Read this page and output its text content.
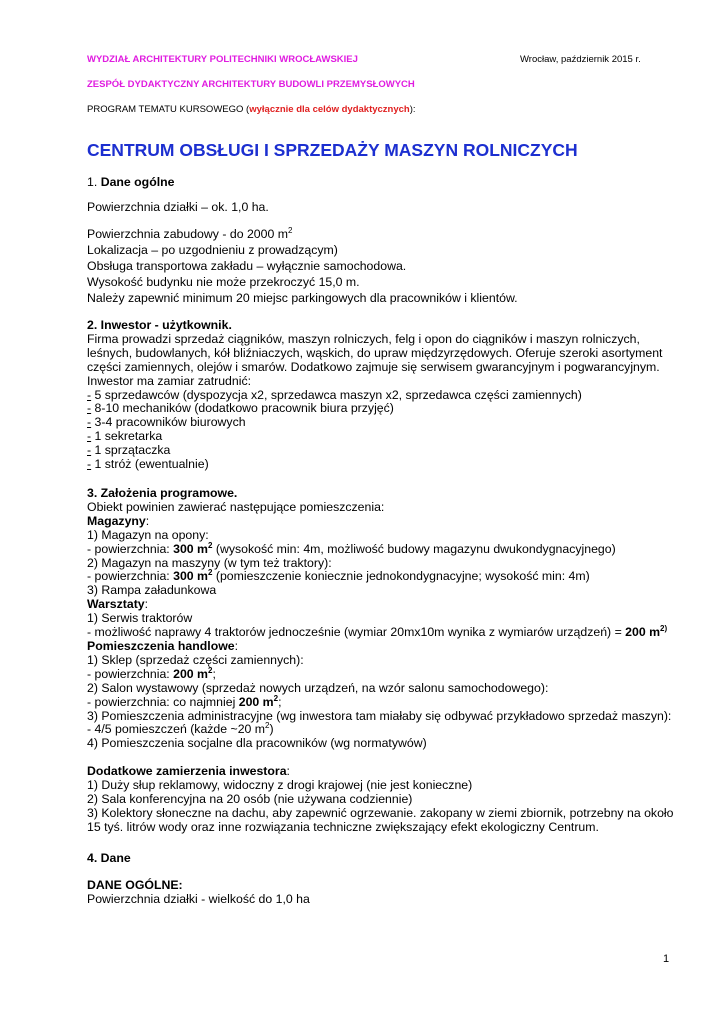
WYDZIAŁ ARCHITEKTURY POLITECHNIKI WROCŁAWSKIEJ	Wrocław, październik 2015 r.
ZESPÓŁ DYDAKTYCZNY ARCHITEKTURY BUDOWLI PRZEMYSŁOWYCH
PROGRAM TEMATU KURSOWEGO (wyłącznie dla celów dydaktycznych):
CENTRUM OBSŁUGI I SPRZEDAŻY MASZYN ROLNICZYCH
1. Dane ogólne
Powierzchnia działki – ok. 1,0 ha.
Powierzchnia zabudowy - do 2000 $m^2$
Lokalizacja – po uzgodnieniu z prowadzącym)
Obsługa transportowa zakładu – wyłącznie samochodowa.
Wysokość budynku nie może przekroczyć 15,0 m.
Należy zapewnić minimum 20 miejsc parkingowych dla pracowników i klientów.
2. Inwestor - użytkownik.
Firma prowadzi sprzedaż ciągników, maszyn rolniczych, felg i opon do ciągników i maszyn rolniczych,
leśnych, budowlanych, kół bliźniaczych, wąskich, do upraw międzyrzędowych. Oferuje szeroki asortyment
części zamiennych, olejów i smarów. Dodatkowo zajmuje się serwisem gwarancyjnym i pogwarancyjnym.
Inwestor ma zamiar zatrudnić:
- 5 sprzedawców (dyspozycja x2, sprzedawca maszyn x2, sprzedawca części zamiennych)
- 8-10 mechaników (dodatkowo pracownik biura przyjęć)
- 3-4 pracowników biurowych
- 1 sekretarka
- 1 sprzątaczka
- 1 stróż (ewentualnie)
3. Założenia programowe.
Obiekt powinien zawierać następujące pomieszczenia:
Magazyny:
1) Magazyn na opony:
- powierzchnia: 300 $m^2$ (wysokość min: 4m, możliwość budowy magazynu dwukondygnacyjnego)
2) Magazyn na maszyny (w tym też traktory):
- powierzchnia: 300 $m^2$ (pomieszczenie koniecznie jednokondygnacyjne; wysokość min: 4m)
3) Rampa załadunkowa
Warsztaty:
1) Serwis traktorów
- możliwość naprawy 4 traktorów jednocześnie (wymiar 20mx10m wynika z wymiarów urządzeń) = 200 $m^{2)}$
Pomieszczenia handlowe:
1) Sklep (sprzedaż części zamiennych):
- powierzchnia: 200 $m^2$;
2) Salon wystawowy (sprzedaż nowych urządzeń, na wzór salonu samochodowego):
- powierzchnia: co najmniej 200 $m^2$;
3) Pomieszczenia administracyjne (wg inwestora tam miałaby się odbywać przykładowo sprzedaż maszyn):
- 4/5 pomieszczeń (każde ~20 $m^2$)
4) Pomieszczenia socjalne dla pracowników (wg normatywów)
Dodatkowe zamierzenia inwestora:
1) Duży słup reklamowy, widoczny z drogi krajowej (nie jest konieczne)
2) Sala konferencyjna na 20 osób (nie używana codziennie)
3) Kolektory słoneczne na dachu, aby zapewnić ogrzewanie. zakopany w ziemi zbiornik, potrzebny na około
15 tyś. litrów wody oraz inne rozwiązania techniczne zwiększający efekt ekologiczny Centrum.
4. Dane
DANE OGÓLNE:
Powierzchnia działki - wielkość do 1,0 ha
1
